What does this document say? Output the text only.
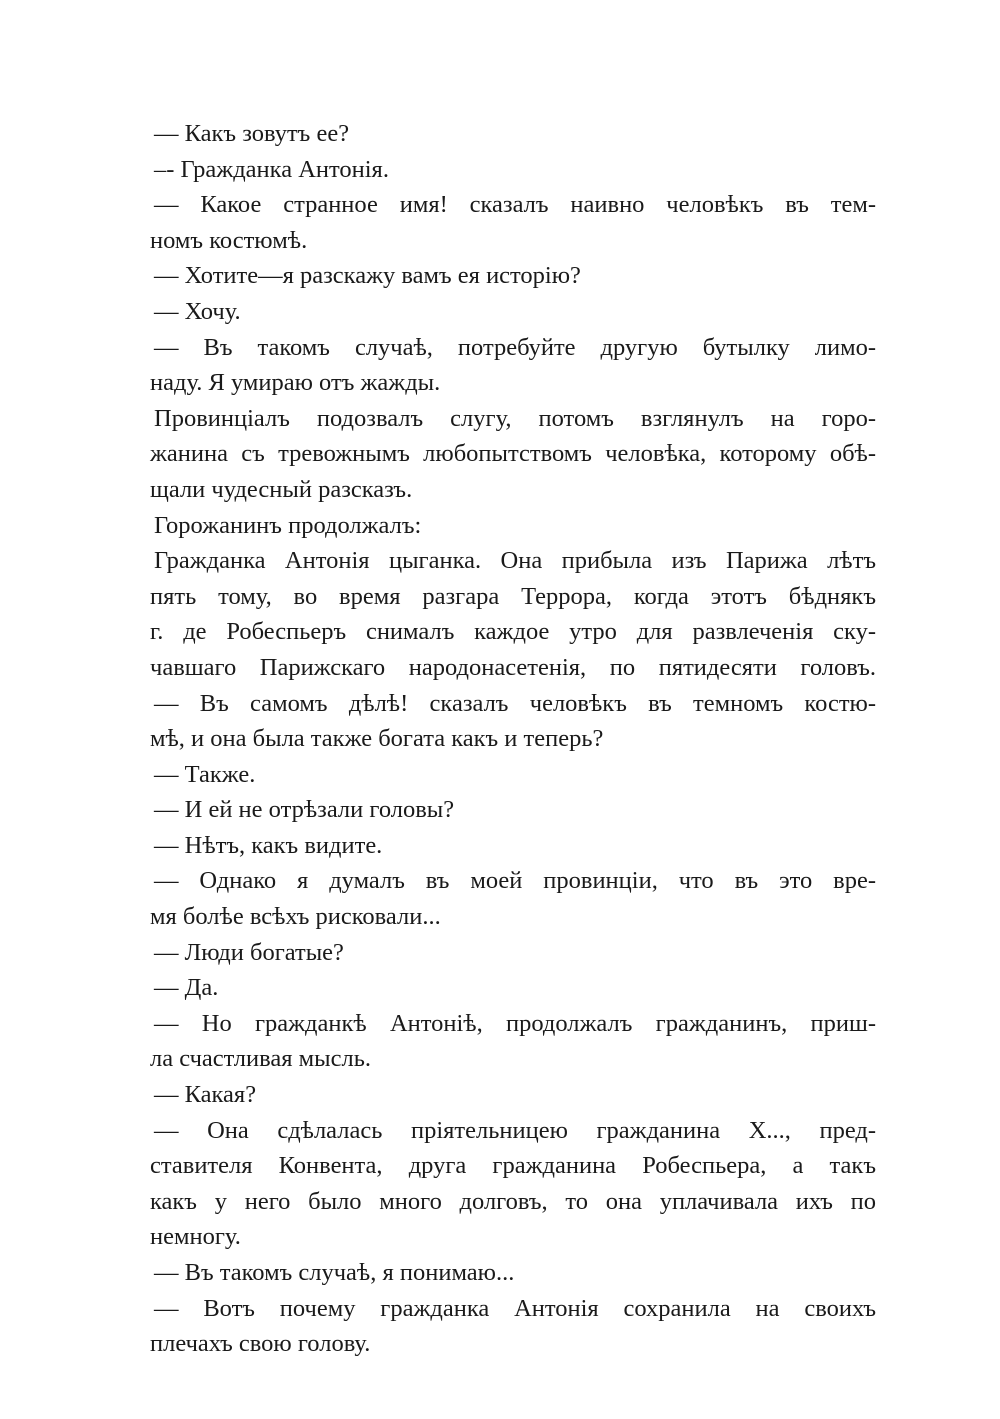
— Какъ зовутъ ее?
–- Гражданка Антонія.
— Какое странное имя! сказалъ наивно человѣкъ въ тем-
номъ костюмѣ.
— Хотите—я разскажу вамъ ея исторію?
— Хочу.
— Въ такомъ случаѣ, потребуйте другую бутылку лимо-
наду. Я умираю отъ жажды.
Провинціалъ подозвалъ слугу, потомъ взглянулъ на горо-
жанина съ тревожнымъ любопытствомъ человѣка, которому обѣ-
щали чудесный разсказъ.
Горожанинъ продолжалъ:
Гражданка Антонія цыганка. Она прибыла изъ Парижа лѣтъ
пять тому, во время разгара Террора, когда этотъ бѣднякъ
г. де Робеспьеръ снималъ каждое утро для развлеченія ску-
чавшаго Парижскаго народонасетенія, по пятидесяти головъ.
— Въ самомъ дѣлѣ! сказалъ человѣкъ въ темномъ костю-
мѣ, и она была также богата какъ и теперь?
— Также.
— И ей не отрѣзали головы?
— Нѣтъ, какъ видите.
— Однако я думалъ въ моей провинціи, что въ это вре-
мя болѣе всѣхъ рисковали...
— Люди богатые?
— Да.
— Но гражданкѣ Антоніѣ, продолжалъ гражданинъ, приш-
ла счастливая мысль.
— Какая?
— Она сдѣлалась пріятельницею гражданина Х..., пред-
ставителя Конвента, друга гражданина Робеспьера, а такъ
какъ у него было много долговъ, то она уплачивала ихъ по
немногу.
— Въ такомъ случаѣ, я понимаю...
— Вотъ почему гражданка Антонія сохранила на своихъ
плечахъ свою голову.
